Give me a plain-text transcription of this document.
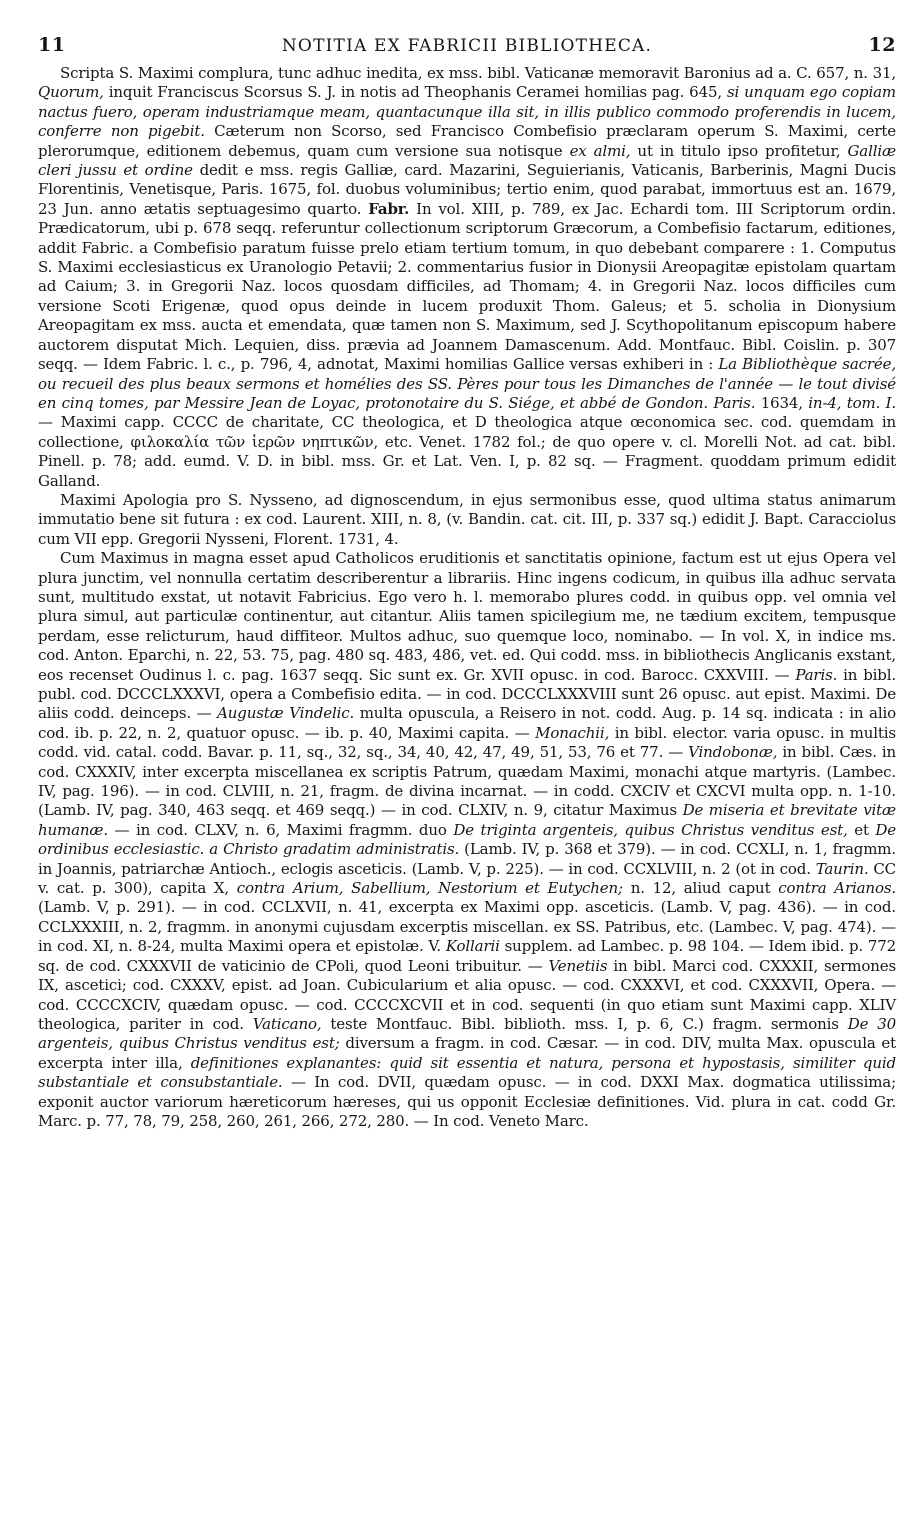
11	NOTITIA EX FABRICII BIBLIOTHECA.	12

Scripta S. Maximi complura, tunc adhuc inedita, ex mss. bibl. Vaticanæ memoravit Baronius ad a. C. 657, n. 31, Quorum, inquit Franciscus Scorsus S. J. in notis ad Theophanis Ceramei homilias pag. 645, si unquam ego copiam nactus fuero, operam industriamque meam, quantacunque illa sit, in illis publico commodo proferendis in lucem, conferre non pigebit. Cæterum non Scorso, sed Francisco Combefisio præclaram operum S. Maximi, certe plerorumque, editionem debemus, quam cum versione sua notisque ex almi, ut in titulo ipso profitetur, Galliæ cleri jussu et ordine dedit e mss. regis Galliæ, card. Mazarini, Seguierianis, Vaticanis, Barberinis, Magni Ducis Florentinis, Venetisque, Paris. 1675, fol. duobus voluminibus; tertio enim, quod parabat, immortuus est an. 1679, 23 Jun. anno ætatis septuagesimo quarto. Fabr. In vol. XIII, p. 789, ex Jac. Echardi tom. III Scriptorum ordin. Prædicatorum, ubi p. 678 seqq. referuntur collectionum scriptorum Græcorum, a Combefisio factarum, editiones, addit Fabric. a Combefisio paratum fuisse prelo etiam tertium tomum, in quo debebant comparere : 1. Computus S. Maximi ecclesiasticus ex Uranologio Petavii; 2. commentarius fusior in Dionysii Areopagitæ epistolam quartam ad Caium; 3. in Gregorii Naz. locos quosdam difficiles, ad Thomam; 4. in Gregorii Naz. locos difficiles cum versione Scoti Erigenæ, quod opus deinde in lucem produxit Thom. Galeus; et 5. scholia in Dionysium Areopagitam ex mss. aucta et emendata, quæ tamen non S. Maximum, sed J. Scythopolitanum episcopum habere auctorem disputat Mich. Lequien, diss. prævia ad Joannem Damascenum. Add. Montfauc. Bibl. Coislin. p. 307 seqq. — Idem Fabric. l. c., p. 796, 4, adnotat, Maximi homilias Gallice versas exhiberi in : La Bibliothèque sacrée, ou recueil des plus beaux sermons et homélies des SS. Pères pour tous les Dimanches de l'année — le tout divisé en cinq tomes, par Messire Jean de Loyac, protonotaire du S. Siége, et abbé de Gondon. Paris. 1634, in-4, tom. I. — Maximi capp. CCCC de charitate, CC theologica, et D theologica atque œconomica sec. cod. quemdam in collectione, φιλοκαλία τῶν ἱερῶν νηπτικῶν, etc. Venet. 1782 fol.; de quo opere v. cl. Morelli Not. ad cat. bibl. Pinell. p. 78; add. eumd. V. D. in bibl. mss. Gr. et Lat. Ven. I, p. 82 sq. — Fragment. quoddam primum edidit Galland.

Maximi Apologia pro S. Nysseno, ad dignoscendum, in ejus sermonibus esse, quod ultima status animarum immutatio bene sit futura : ex cod. Laurent. XIII, n. 8, (v. Bandin. cat. cit. III, p. 337 sq.) edidit J. Bapt. Caracciolus cum VII epp. Gregorii Nysseni, Florent. 1731, 4.

Cum Maximus in magna esset apud Catholicos eruditionis et sanctitatis opinione, factum est ut ejus Opera vel plura junctim, vel nonnulla certatim describerentur a librariis. Hinc ingens codicum, in quibus illa adhuc servata sunt, multitudo exstat, ut notavit Fabricius. Ego vero h. l. memorabo plures codd. in quibus opp. vel omnia vel plura simul, aut particulæ continentur, aut citantur. Aliis tamen spicilegium me, ne tædium excitem, tempusque perdam, esse relicturum, haud diffiteor. Multos adhuc, suo quemque loco, nominabo. — In vol. X, in indice ms. cod. Anton. Eparchi, n. 22, 53. 75, pag. 480 sq. 483, 486, vet. ed. Qui codd. mss. in bibliothecis Anglicanis exstant, eos recenset Oudinus l. c. pag. 1637 seqq. Sic sunt ex. Gr. XVII opusc. in cod. Barocc. CXXVIII. — Paris. in bibl. publ. cod. DCCCLXXXVI, opera a Combefisio edita. — in cod. DCCCLXXXVIII sunt 26 opusc. aut epist. Maximi. De aliis codd. deinceps. — Augustæ Vindelic. multa opuscula, a Reisero in not. codd. Aug. p. 14 sq. indicata : in alio cod. ib. p. 22, n. 2, quatuor opusc. — ib. p. 40, Maximi capita. — Monachii, in bibl. elector. varia opusc. in multis codd. vid. catal. codd. Bavar. p. 11, sq., 32, sq., 34, 40, 42, 47, 49, 51, 53, 76 et 77. — Vindobonæ, in bibl. Cæs. in cod. CXXXIV, inter excerpta miscellanea ex scriptis Patrum, quædam Maximi, monachi atque martyris. (Lambec. IV, pag. 196). — in cod. CLVIII, n. 21, fragm. de divina incarnat. — in codd. CXCIV et CXCVI multa opp. n. 1-10. (Lamb. IV, pag. 340, 463 seqq. et 469 seqq.) — in cod. CLXIV, n. 9, citatur Maximus De miseria et brevitate vitæ humanæ. — in cod. CLXV, n. 6, Maximi fragmm. duo De triginta argenteis, quibus Christus venditus est, et De ordinibus ecclesiastic. a Christo gradatim administratis. (Lamb. IV, p. 368 et 379). — in cod. CCXLI, n. 1, fragmm. in Joannis, patriarchæ Antioch., eclogis asceticis. (Lamb. V, p. 225). — in cod. CCXLVIII, n. 2 (ot in cod. Taurin. CC v. cat. p. 300), capita X, contra Arium, Sabellium, Nestorium et Eutychen; n. 12, aliud caput contra Arianos. (Lamb. V, p. 291). — in cod. CCLXVII, n. 41, excerpta ex Maximi opp. asceticis. (Lamb. V, pag. 436). — in cod. CCLXXXIII, n. 2, fragmm. in anonymi cujusdam excerptis miscellan. ex SS. Patribus, etc. (Lambec. V, pag. 474). — in cod. XI, n. 8-24, multa Maximi opera et epistolæ. V. Kollarii supplem. ad Lambec. p. 98 104. — Idem ibid. p. 772 sq. de cod. CXXXVII de vaticinio de CPoli, quod Leoni tribuitur. — Venetiis in bibl. Marci cod. CXXXII, sermones IX, ascetici; cod. CXXXV, epist. ad Joan. Cubicularium et alia opusc. — cod. CXXXVI, et cod. CXXXVII, Opera. — cod. CCCCXCIV, quædam opusc. — cod. CCCCXCVII et in cod. sequenti (in quo etiam sunt Maximi capp. XLIV theologica, pariter in cod. Vaticano, teste Montfauc. Bibl. biblioth. mss. I, p. 6, C.) fragm. sermonis De 30 argenteis, quibus Christus venditus est; diversum a fragm. in cod. Cæsar. — in cod. DIV, multa Max. opuscula et excerpta inter illa, definitiones explanantes: quid sit essentia et natura, persona et hypostasis, similiter quid substantiale et consubstantiale. — In cod. DVII, quædam opusc. — in cod. DXXI Max. dogmatica utilissima; exponit auctor variorum hæreticorum hæreses, qui us opponit Ecclesiæ definitiones. Vid. plura in cat. codd Gr. Marc. p. 77, 78, 79, 258, 260, 261, 266, 272, 280. — In cod. Veneto Marc.
